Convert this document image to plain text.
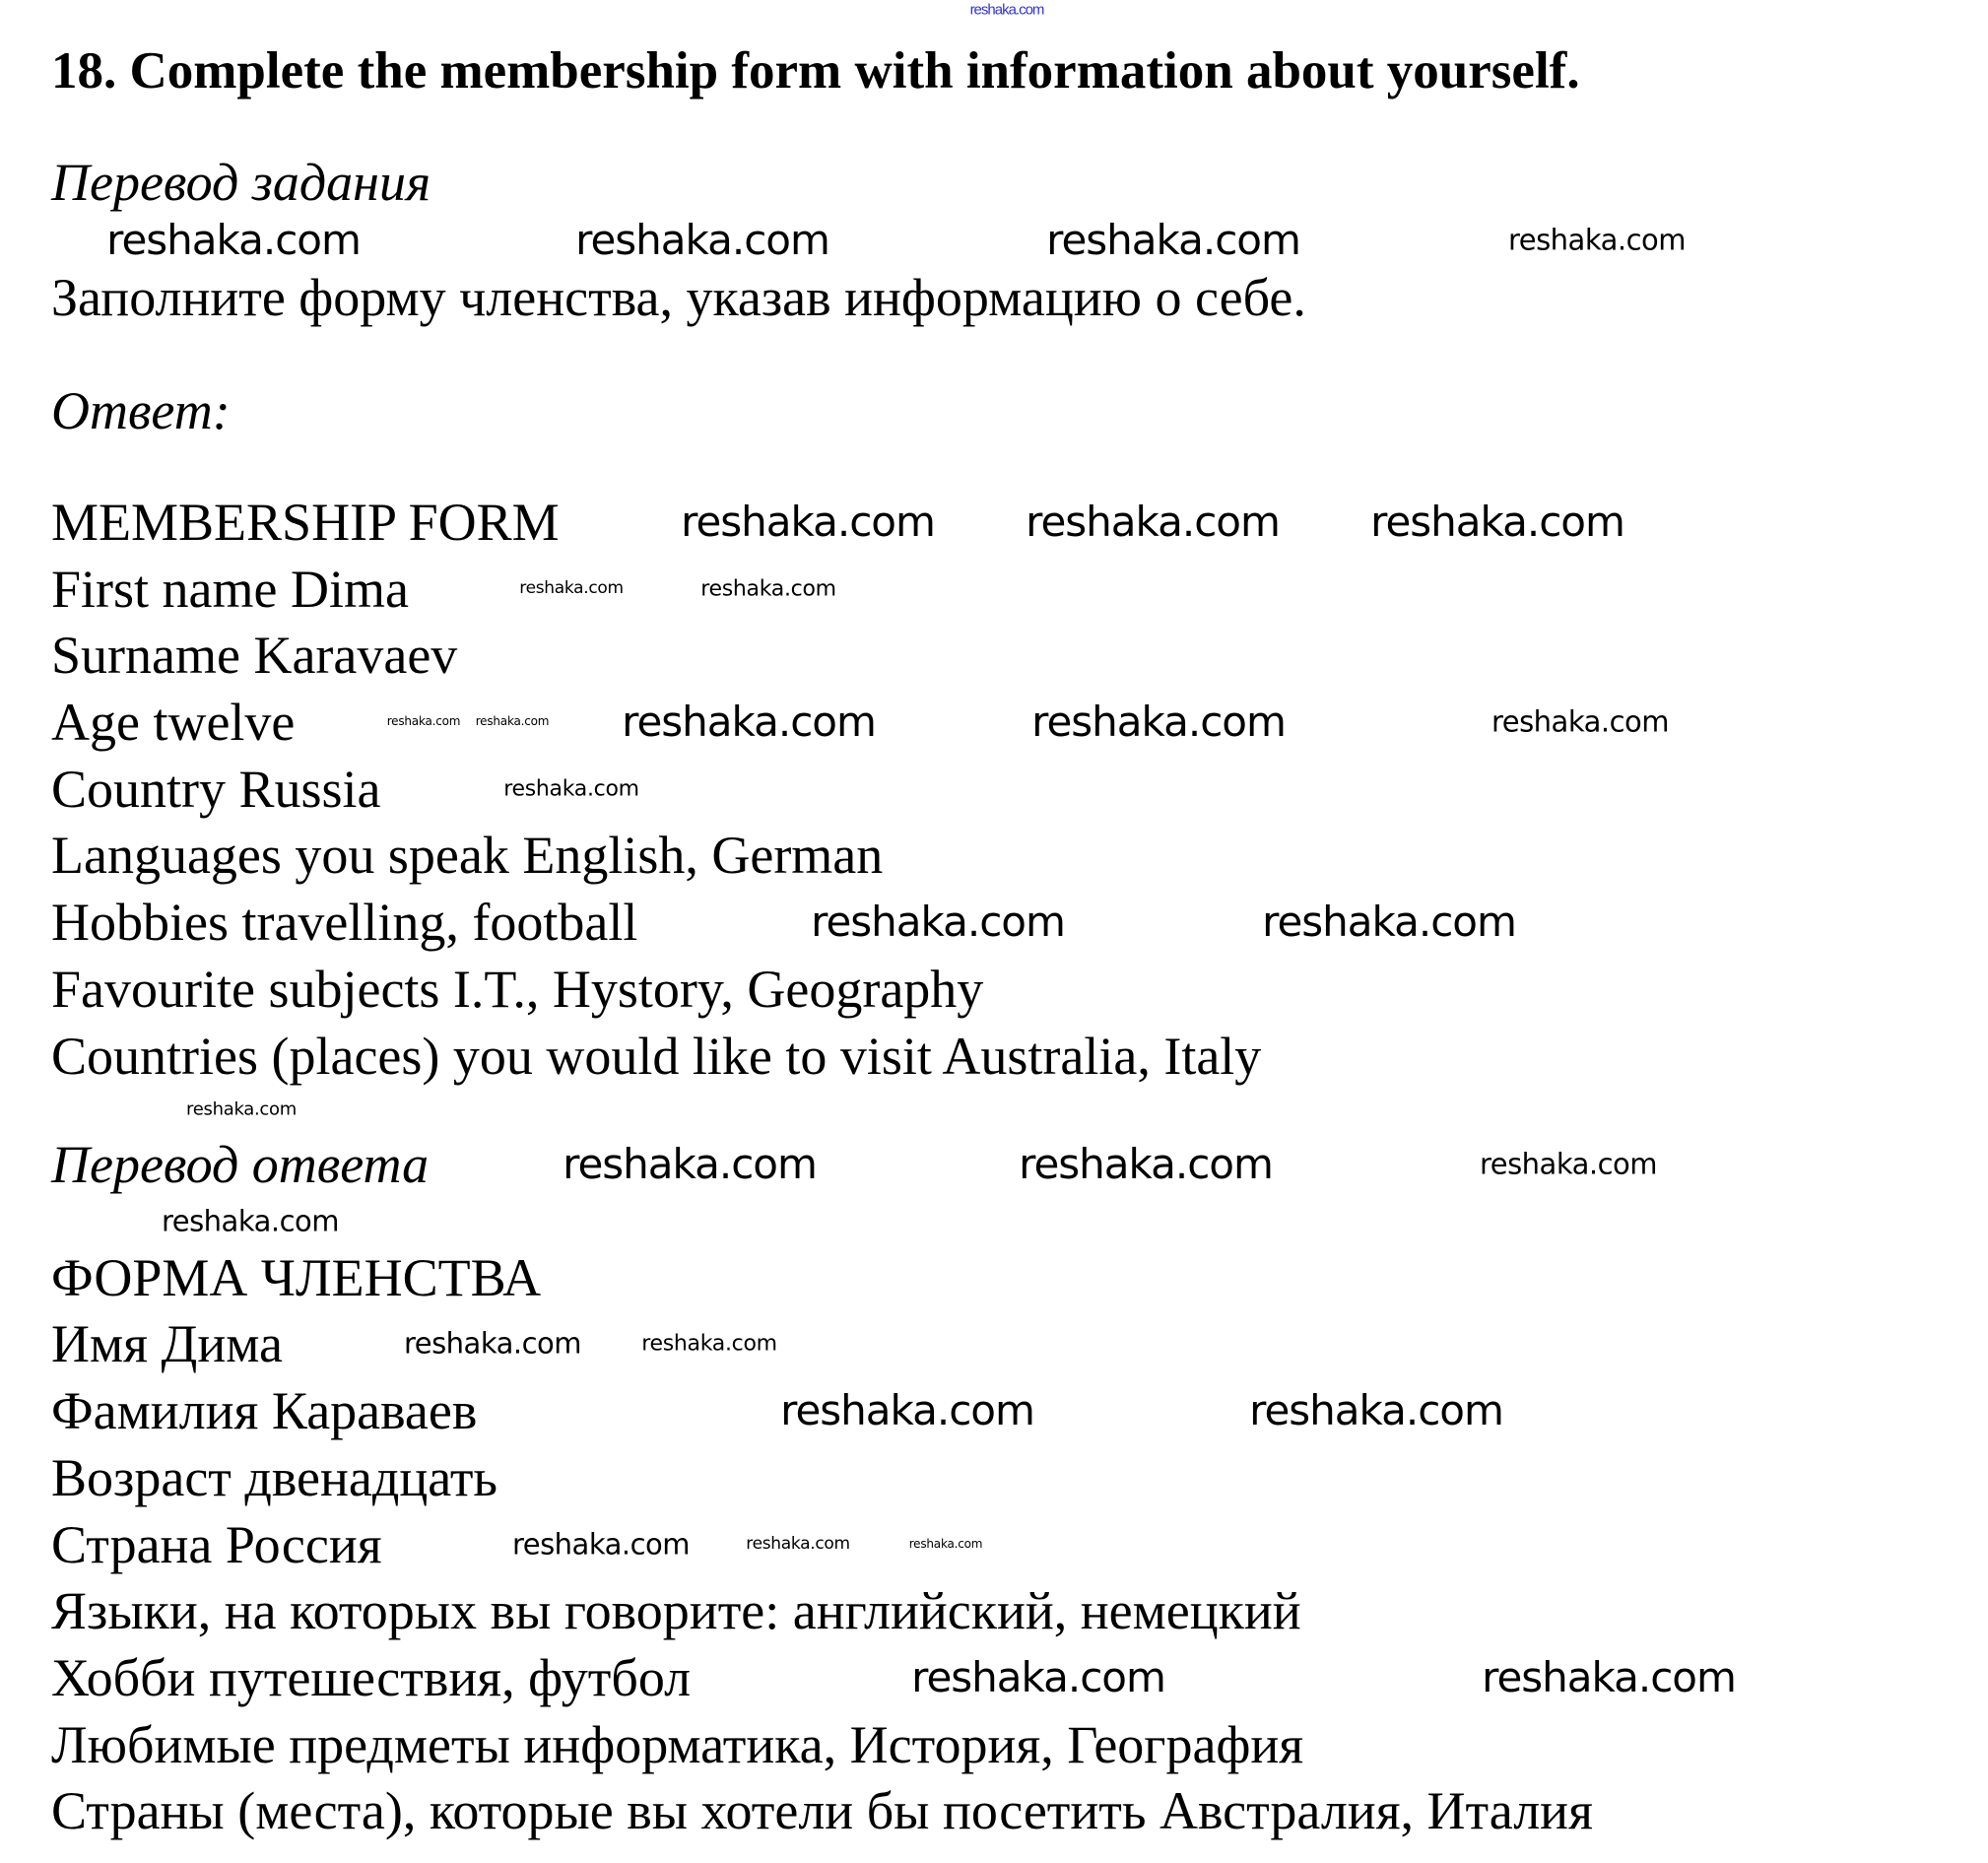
18. Complete the membership form with information about yourself.
Перевод задания
Заполните форму членства, указав информацию о себе.
Ответ:
MEMBERSHIP FORM
First name Dima
Surname Karavaev
Age twelve
Country Russia
Languages you speak English, German
Hobbies travelling, football
Favourite subjects I.T., Hystory, Geography
Countries (places) you would like to visit Australia, Italy
Перевод ответа
ФОРМА ЧЛЕНСТВА
Имя Дима
Фамилия Караваев
Возраст двенадцать
Страна Россия
Языки, на которых вы говорите: английский, немецкий
Хобби путешествия, футбол
Любимые предметы информатика, История, География
Страны (места), которые вы хотели бы посетить Австралия, Италия
reshaka.com
reshaka.com	reshaka.com	reshaka.com	reshaka.com
reshaka.com reshaka.com reshaka.com
reshaka.com reshaka.com reshaka.com	reshaka.com	reshaka.com
reshaka.com
reshaka.com	reshaka.com
reshaka.com	reshaka.com
reshaka.com
reshaka.com	reshaka.com	reshaka.com
reshaka.com
reshaka.com	reshaka.com
reshaka.com	reshaka.com
reshaka.com
reshaka.com
reshaka.com	reshaka.com	reshaka.com
